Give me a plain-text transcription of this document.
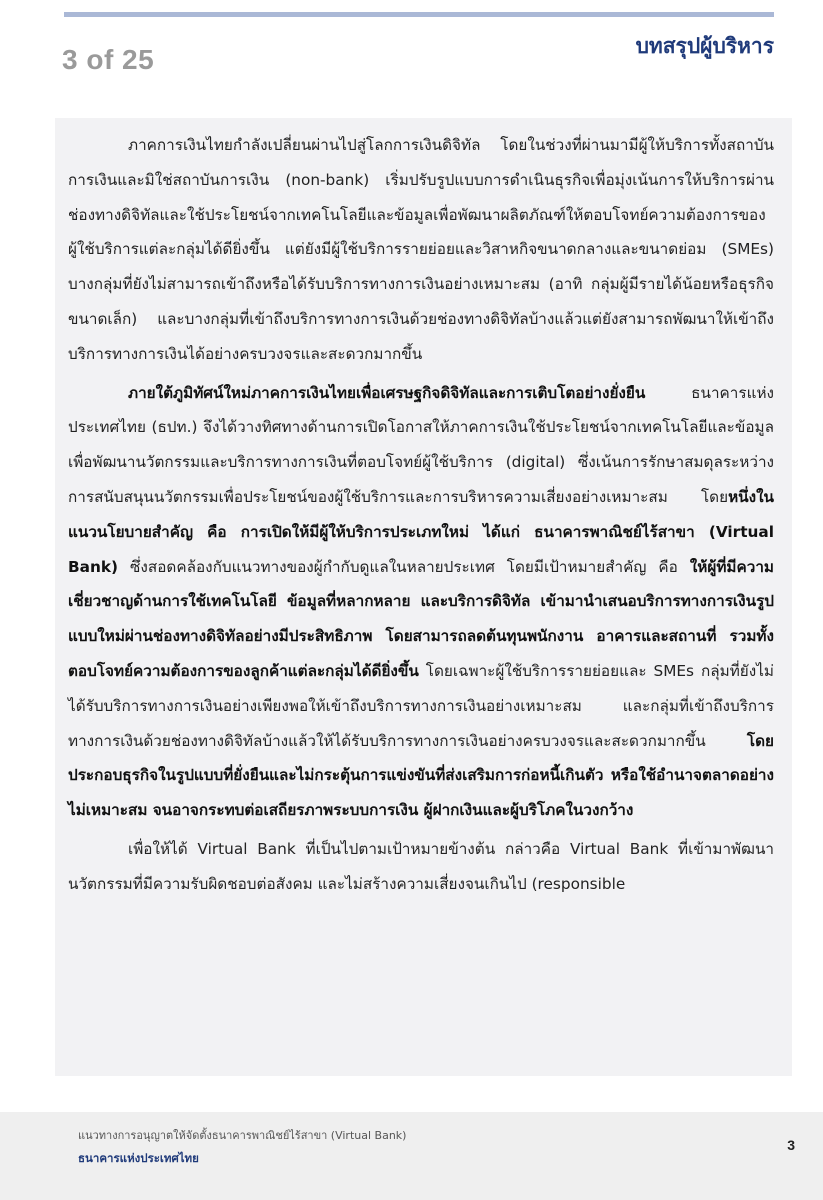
3 of 25	บทสรุปผู้บริหาร

ภาคการเงินไทยกำลังเปลี่ยนผ่านไปสู่โลกการเงินดิจิทัล โดยในช่วงที่ผ่านมามีผู้ให้บริการทั้งสถาบันการเงินและมิใช่สถาบันการเงิน (non-bank) เริ่มปรับรูปแบบการดำเนินธุรกิจเพื่อมุ่งเน้นการให้บริการผ่านช่องทางดิจิทัลและใช้ประโยชน์จากเทคโนโลยีและข้อมูลเพื่อพัฒนาผลิตภัณฑ์ให้ตอบโจทย์ความต้องการของผู้ใช้บริการแต่ละกลุ่มได้ดียิ่งขึ้น แต่ยังมีผู้ใช้บริการรายย่อยและวิสาหกิจขนาดกลางและขนาดย่อม (SMEs) บางกลุ่มที่ยังไม่สามารถเข้าถึงหรือได้รับบริการทางการเงินอย่างเหมาะสม (อาทิ กลุ่มผู้มีรายได้น้อยหรือธุรกิจขนาดเล็ก) และบางกลุ่มที่เข้าถึงบริการทางการเงินด้วยช่องทางดิจิทัลบ้างแล้วแต่ยังสามารถพัฒนาให้เข้าถึงบริการทางการเงินได้อย่างครบวงจรและสะดวกมากขึ้น

ภายใต้ภูมิทัศน์ใหม่ภาคการเงินไทยเพื่อเศรษฐกิจดิจิทัลและการเติบโตอย่างยั่งยืน ธนาคารแห่งประเทศไทย (ธปท.) จึงได้วางทิศทางด้านการเปิดโอกาสให้ภาคการเงินใช้ประโยชน์จากเทคโนโลยีและข้อมูลเพื่อพัฒนานวัตกรรมและบริการทางการเงินที่ตอบโจทย์ผู้ใช้บริการ (digital) ซึ่งเน้นการรักษาสมดุลระหว่างการสนับสนุนนวัตกรรมเพื่อประโยชน์ของผู้ใช้บริการและการบริหารความเสี่ยงอย่างเหมาะสม โดยหนึ่งในแนวนโยบายสำคัญ คือ การเปิดให้มีผู้ให้บริการประเภทใหม่ ได้แก่ ธนาคารพาณิชย์ไร้สาขา (Virtual Bank) ซึ่งสอดคล้องกับแนวทางของผู้กำกับดูแลในหลายประเทศ โดยมีเป้าหมายสำคัญ คือ ให้ผู้ที่มีความเชี่ยวชาญด้านการใช้เทคโนโลยี ข้อมูลที่หลากหลาย และบริการดิจิทัล เข้ามานำเสนอบริการทางการเงินรูปแบบใหม่ผ่านช่องทางดิจิทัลอย่างมีประสิทธิภาพ โดยสามารถลดต้นทุนพนักงาน อาคารและสถานที่ รวมทั้งตอบโจทย์ความต้องการของลูกค้าแต่ละกลุ่มได้ดียิ่งขึ้น โดยเฉพาะผู้ใช้บริการรายย่อยและ SMEs กลุ่มที่ยังไม่ได้รับบริการทางการเงินอย่างเพียงพอให้เข้าถึงบริการทางการเงินอย่างเหมาะสม และกลุ่มที่เข้าถึงบริการทางการเงินด้วยช่องทางดิจิทัลบ้างแล้วให้ได้รับบริการทางการเงินอย่างครบวงจรและสะดวกมากขึ้น โดยประกอบธุรกิจในรูปแบบที่ยั่งยืนและไม่กระตุ้นการแข่งขันที่ส่งเสริมการก่อหนี้เกินตัว หรือใช้อำนาจตลาดอย่างไม่เหมาะสม จนอาจกระทบต่อเสถียรภาพระบบการเงิน ผู้ฝากเงินและผู้บริโภคในวงกว้าง

เพื่อให้ได้ Virtual Bank ที่เป็นไปตามเป้าหมายข้างต้น กล่าวคือ Virtual Bank ที่เข้ามาพัฒนานวัตกรรมที่มีความรับผิดชอบต่อสังคม และไม่สร้างความเสี่ยงจนเกินไป (responsible

แนวทางการอนุญาตให้จัดตั้งธนาคารพาณิชย์ไร้สาขา (Virtual Bank)
ธนาคารแห่งประเทศไทย
3
